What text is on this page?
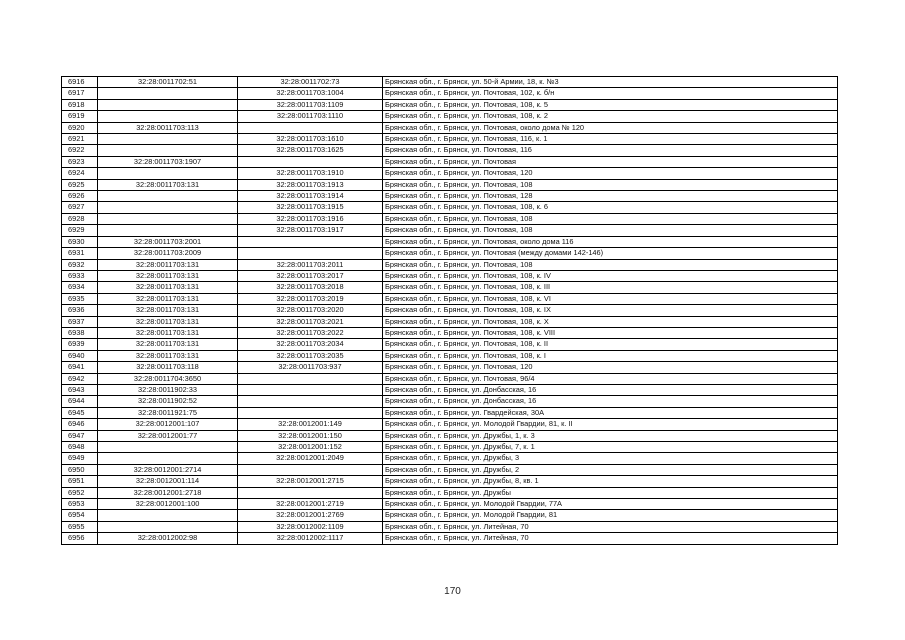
6916	32:28:0011702:51	32:28:0011702:73	Брянская обл., г. Брянск, ул. 50-й Армии, 18, к. №3
6917		32:28:0011703:1004	Брянская обл., г. Брянск, ул. Почтовая, 102, к. б/н
6918		32:28:0011703:1109	Брянская обл., г. Брянск, ул. Почтовая, 108, к. 5
6919		32:28:0011703:1110	Брянская обл., г. Брянск, ул. Почтовая, 108, к. 2
6920	32:28:0011703:113		Брянская обл., г. Брянск, ул. Почтовая, около дома № 120
6921		32:28:0011703:1610	Брянская обл., г. Брянск, ул. Почтовая, 116, к. 1
6922		32:28:0011703:1625	Брянская обл., г. Брянск, ул. Почтовая, 116
6923	32:28:0011703:1907		Брянская обл., г. Брянск, ул. Почтовая
6924		32:28:0011703:1910	Брянская обл., г. Брянск, ул. Почтовая, 120
6925	32:28:0011703:131	32:28:0011703:1913	Брянская обл., г. Брянск, ул. Почтовая, 108
6926		32:28:0011703:1914	Брянская обл., г. Брянск, ул. Почтовая, 128
6927		32:28:0011703:1915	Брянская обл., г. Брянск, ул. Почтовая, 108, к. 6
6928		32:28:0011703:1916	Брянская обл., г. Брянск, ул. Почтовая, 108
6929		32:28:0011703:1917	Брянская обл., г. Брянск, ул. Почтовая, 108
6930	32:28:0011703:2001		Брянская обл., г. Брянск, ул. Почтовая, около дома 116
6931	32:28:0011703:2009		Брянская обл., г. Брянск, ул. Почтовая (между домами 142-146)
6932	32:28:0011703:131	32:28:0011703:2011	Брянская обл., г. Брянск, ул. Почтовая, 108
6933	32:28:0011703:131	32:28:0011703:2017	Брянская обл., г. Брянск, ул. Почтовая, 108, к. IV
6934	32:28:0011703:131	32:28:0011703:2018	Брянская обл., г. Брянск, ул. Почтовая, 108, к. III
6935	32:28:0011703:131	32:28:0011703:2019	Брянская обл., г. Брянск, ул. Почтовая, 108, к. VI
6936	32:28:0011703:131	32:28:0011703:2020	Брянская обл., г. Брянск, ул. Почтовая, 108, к. IX
6937	32:28:0011703:131	32:28:0011703:2021	Брянская обл., г. Брянск, ул. Почтовая, 108, к. X
6938	32:28:0011703:131	32:28:0011703:2022	Брянская обл., г. Брянск, ул. Почтовая, 108, к. VIII
6939	32:28:0011703:131	32:28:0011703:2034	Брянская обл., г. Брянск, ул. Почтовая, 108, к. II
6940	32:28:0011703:131	32:28:0011703:2035	Брянская обл., г. Брянск, ул. Почтовая, 108, к. I
6941	32:28:0011703:118	32:28:0011703:937	Брянская обл., г. Брянск, ул. Почтовая, 120
6942	32:28:0011704:3650		Брянская обл., г. Брянск, ул. Почтовая, 96/4
6943	32:28:0011902:33		Брянская обл., г. Брянск, ул. Донбасская, 16
6944	32:28:0011902:52		Брянская обл., г. Брянск, ул. Донбасская, 16
6945	32:28:0011921:75		Брянская обл., г. Брянск, ул. Гвардейская, 30А
6946	32:28:0012001:107	32:28:0012001:149	Брянская обл., г. Брянск, ул. Молодой Гвардии, 81, к. II
6947	32:28:0012001:77	32:28:0012001:150	Брянская обл., г. Брянск, ул. Дружбы, 1, к. 3
6948		32:28:0012001:152	Брянская обл., г. Брянск, ул. Дружбы, 7, к. 1
6949		32:28:0012001:2049	Брянская обл., г. Брянск, ул. Дружбы, 3
6950	32:28:0012001:2714		Брянская обл., г. Брянск, ул. Дружбы, 2
6951	32:28:0012001:114	32:28:0012001:2715	Брянская обл., г. Брянск, ул. Дружбы, 8, кв. 1
6952	32:28:0012001:2718		Брянская обл., г. Брянск, ул. Дружбы
6953	32:28:0012001:100	32:28:0012001:2719	Брянская обл., г. Брянск, ул. Молодой Гвардии, 77А
6954		32:28:0012001:2769	Брянская обл., г. Брянск, ул. Молодой Гвардии, 81
6955		32:28:0012002:1109	Брянская обл., г. Брянск, ул. Литейная, 70
6956	32:28:0012002:98	32:28:0012002:1117	Брянская обл., г. Брянск, ул. Литейная, 70
170
